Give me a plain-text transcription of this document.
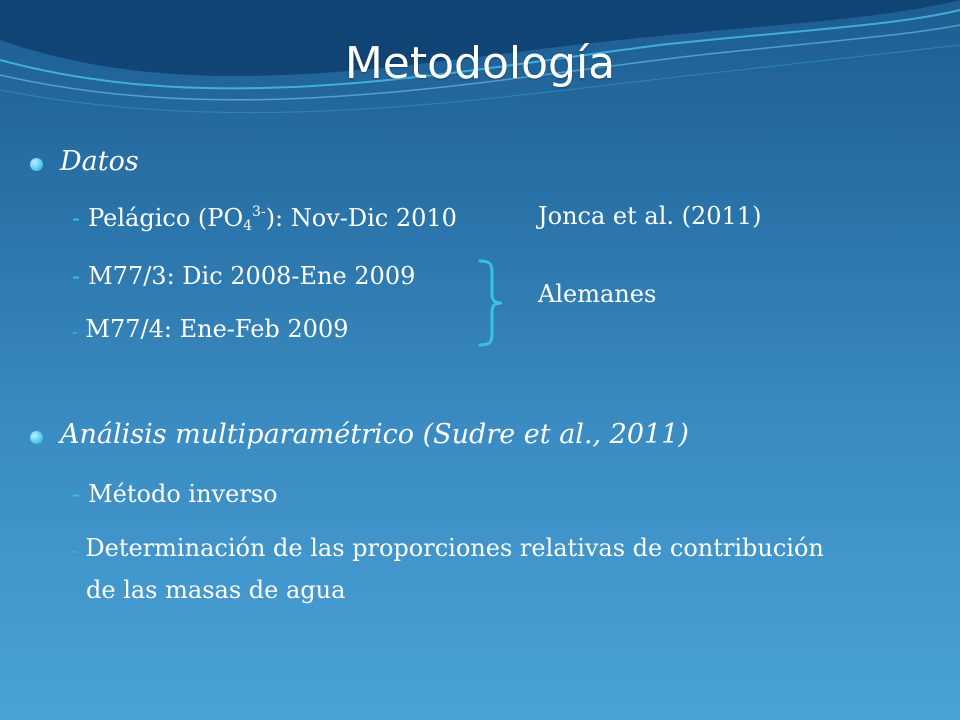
Metodología
Datos
- Pelágico $(PO_4^{3-})$: Nov-Dic 2010
- M77/3: Dic 2008-Ene 2009
- M77/4: Ene-Feb 2009
Jonca et al. (2011)
Alemanes
Análisis multiparamétrico (Sudre et al., 2011)
- Método inverso
- Determinación de las proporciones relativas de contribución
de las masas de agua
